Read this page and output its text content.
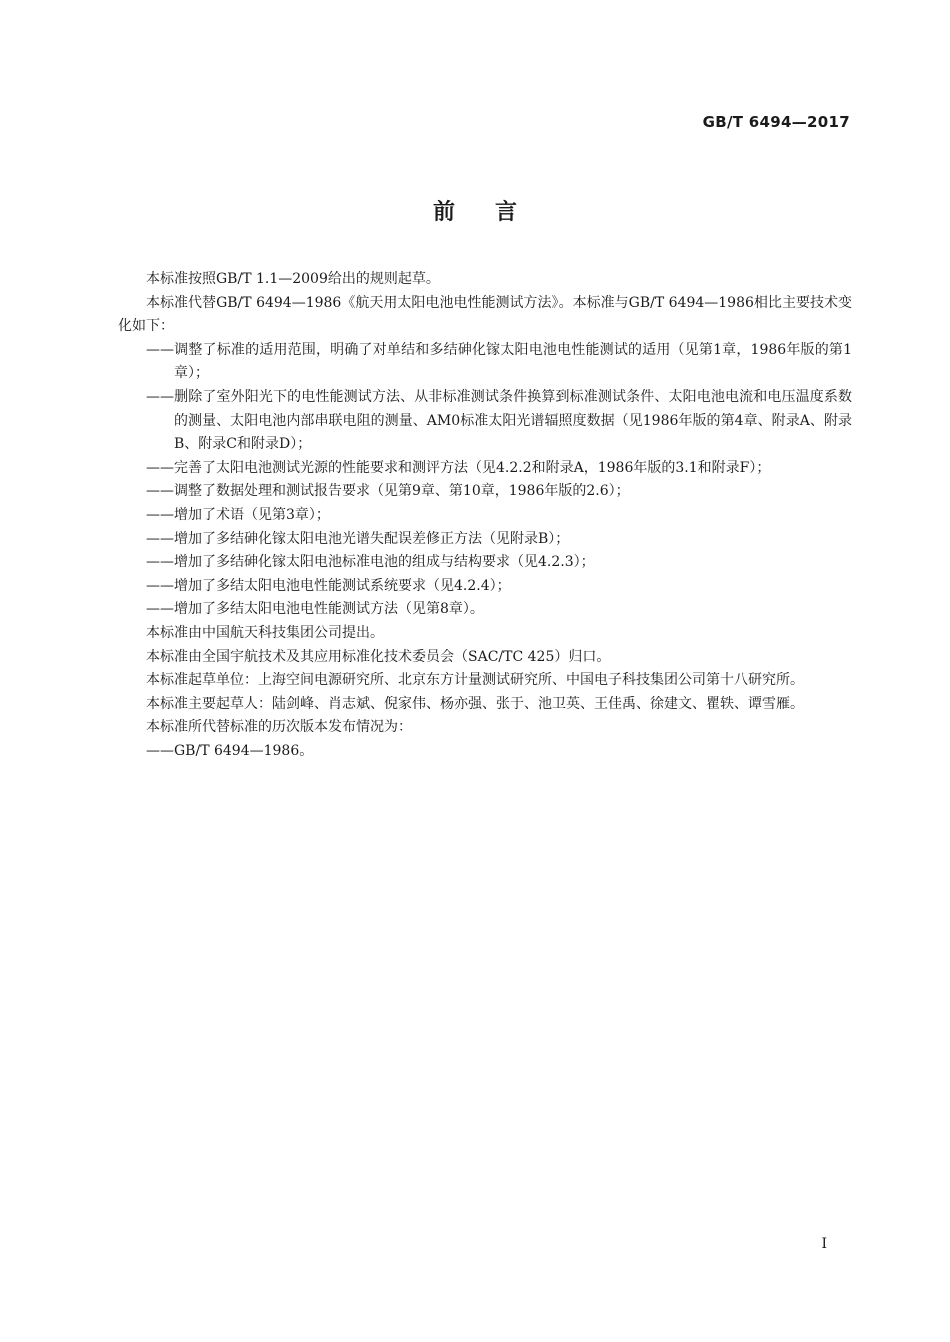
GB/T 6494—2017
前言

本标准按照GB/T 1.1—2009给出的规则起草。

本标准代替GB/T 6494—1986《航天用太阳电池电性能测试方法》。本标准与GB/T 6494—1986相比主要技术变化如下：

——调整了标准的适用范围，明确了对单结和多结砷化镓太阳电池电性能测试的适用（见第1章，1986年版的第1章）；

——删除了室外阳光下的电性能测试方法、从非标准测试条件换算到标准测试条件、太阳电池电流和电压温度系数的测量、太阳电池内部串联电阻的测量、AM0标准太阳光谱辐照度数据（见1986年版的第4章、附录A、附录B、附录C和附录D）；

——完善了太阳电池测试光源的性能要求和测评方法（见4.2.2和附录A，1986年版的3.1和附录F）；

——调整了数据处理和测试报告要求（见第9章、第10章，1986年版的2.6）；

——增加了术语（见第3章）；

——增加了多结砷化镓太阳电池光谱失配误差修正方法（见附录B）；

——增加了多结砷化镓太阳电池标准电池的组成与结构要求（见4.2.3）；

——增加了多结太阳电池电性能测试系统要求（见4.2.4）；

——增加了多结太阳电池电性能测试方法（见第8章）。

本标准由中国航天科技集团公司提出。

本标准由全国宇航技术及其应用标准化技术委员会（SAC/TC 425）归口。

本标准起草单位：上海空间电源研究所、北京东方计量测试研究所、中国电子科技集团公司第十八研究所。

本标准主要起草人：陆剑峰、肖志斌、倪家伟、杨亦强、张于、池卫英、王佳禹、徐建文、瞿轶、谭雪雁。

本标准所代替标准的历次版本发布情况为：

——GB/T 6494—1986。

I
